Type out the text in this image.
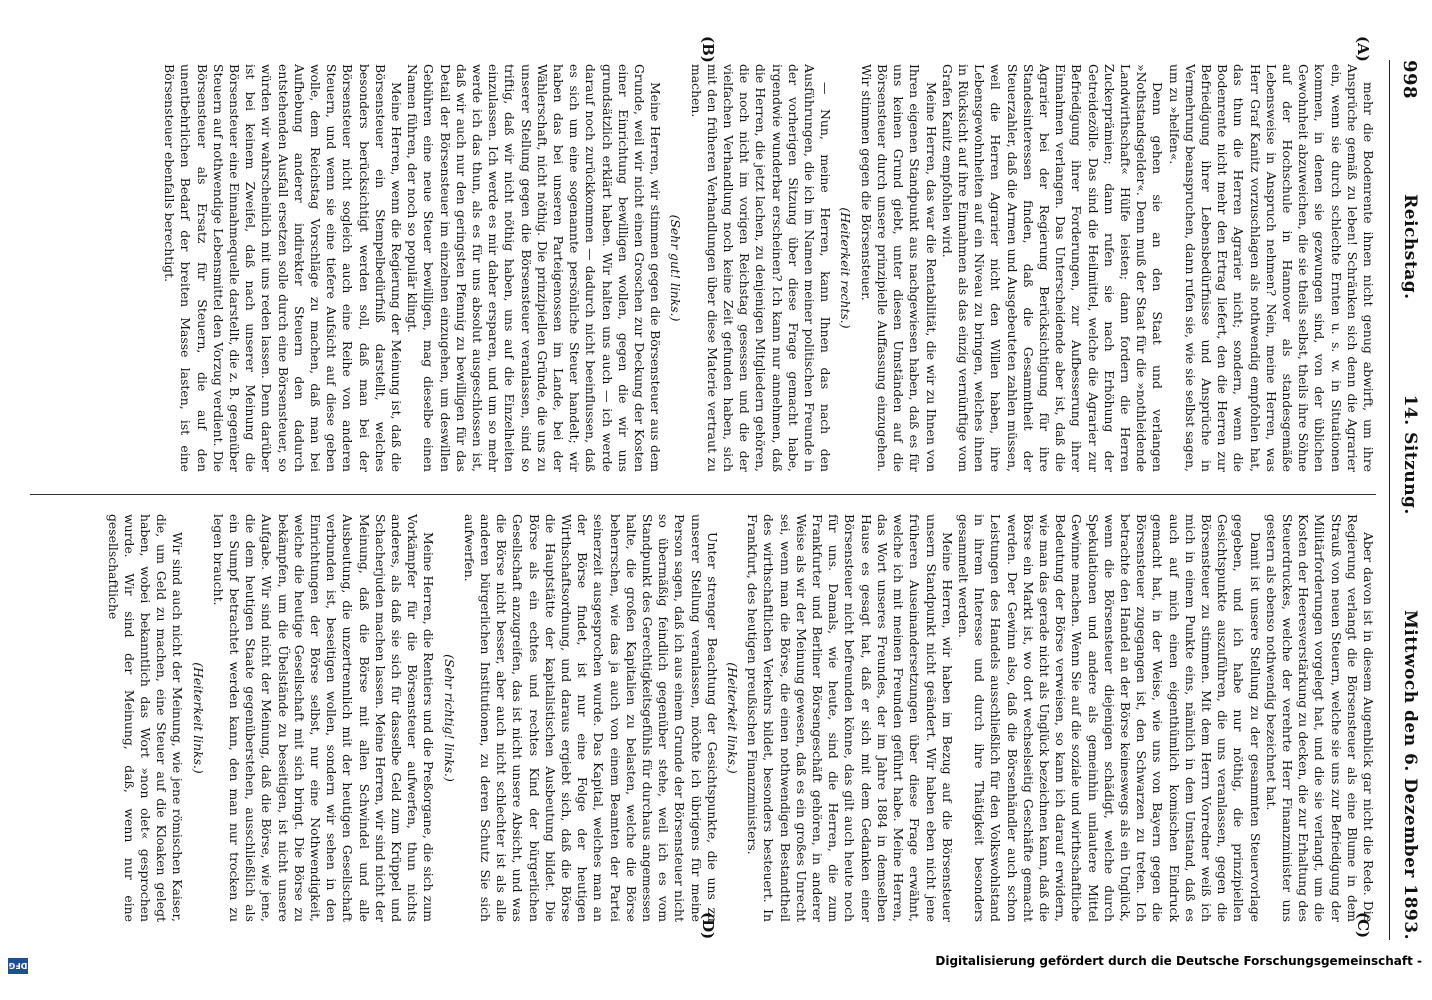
998
Reichstag.
14. Sitzung.
Mittwoch den 6. Dezember 1893.
(A)
(B)
(C)
(D)

mehr die Bodenrente ihnen nicht genug abwirft, um ihre Ansprüche gemäß zu leben! Schränken sich denn die Agrarier ein, wenn sie durch schlechte Ernten u. s. w. in Situationen kommen, in denen sie gezwungen sind, von der üblichen Gewohnheit abzuweichen, die sie theils selbst, theils ihre Söhne auf der Hochschule in Hannover als standesgemäße Lebensweise in Anspruch nehmen? Nein, meine Herren, was Herr Graf Kanitz vorzuschlagen als nothwendig empfohlen hat, das thun die Herren Agrarier nicht; sondern, wenn die Bodenrente nicht mehr den Ertrag liefert, den die Herren zur Befriedigung ihrer Lebensbedürfnisse und Ansprüche in Vermehrung beanspruchen, dann rufen sie, wie sie selbst sagen, um zu »helfen«.

Denn gehen sie an den Staat und verlangen »Nothstandsgelder«. Denn muß der Staat für die »nothleidende Landwirthschaft« Hülfe leisten; dann fordern die Herren Zuckerprämien; dann rufen sie nach Erhöhung der Getreidezölle. Das sind die Heilmittel, welche die Agrarier zur Befriedigung ihrer Forderungen, zur Aufbesserung ihrer Einnahmen verlangen. Das Unterscheidende aber ist, daß die Agrarier bei der Regierung Berücksichtigung für ihre Standesinteressen finden, daß die Gesammtheit der Steuerzahler, daß die Armen und Ausgebeuteten zahlen müssen, weil die Herren Agrarier nicht den Willen haben, ihre Lebensgewohnheiten auf ein Niveau zu bringen, welches ihnen in Rücksicht auf ihre Einnahmen als das einzig vernünftige vom Grafen Kanitz empfohlen wird.

Meine Herren, das war die Rentabilität, die wir zu Ihnen von Ihren eigenen Standpunkt aus nachgewiesen haben, daß es für uns keinen Grund giebt, unter diesen Umständen auf die Börsensteuer durch unsere prinzipielle Auffassung einzugehen. Wir stimmen gegen die Börsensteuer.

(Heiterkeit rechts.)

— Nun, meine Herren, kann Ihnen das nach den Ausführungen, die ich im Namen meiner politischen Freunde in der vorherigen Sitzung über diese Frage gemacht habe, irgendwie wunderbar erscheinen? Ich kann nur annehmen, daß die Herren, die jetzt lachen, zu denjenigen Mitgliedern gehören, die noch nicht im vorigen Reichstag gesessen und die der vielfachen Verhandlung noch keine Zeit gefunden haben, sich mit den früheren Verhandlungen über diese Materie vertraut zu machen.

(Sehr gut! links.)

Meine Herren, wir stimmen gegen die Börsensteuer aus dem Grunde, weil wir nicht einen Groschen zur Deckung der Kosten einer Einrichtung bewilligen wollen, gegen die wir uns grundsätzlich erklärt haben. Wir halten uns auch — ich werde darauf noch zurückkommen — dadurch nicht beeinflussen, daß es sich um eine sogenannte persönliche Steuer handelt; wir haben das bei unseren Parteigenossen im Lande, bei der Wählerschaft, nicht nöthig. Die prinzipiellen Gründe, die uns zu unserer Stellung gegen die Börsensteuer veranlassen, sind so triftig, daß wir nicht nöthig haben, uns auf die Einzelheiten einzulassen. Ich werde es mir daher ersparen, und um so mehr werde ich das thun, als es für uns absolut ausgeschlossen ist, daß wir auch nur den geringsten Pfennig zu bewilligen für das Detail der Börsensteuer im einzelnen einzugehen, um deswillen Gebühren eine neue Steuer bewilligen, mag dieselbe einen Namen führen, der noch so populär klingt.

Meine Herren, wenn die Regierung der Meinung ist, daß die Börsensteuer ein Stempelbedürfniß darstellt, welches besonders berücksichtigt werden soll, daß man bei der Börsensteuer nicht sogleich auch eine Reihe von anderen Steuern, und wenn sie eine tiefere Aufsicht auf diese geben wolle, dem Reichstag Vorschläge zu machen, daß man bei Aufhebung anderer indirekter Steuern den dadurch entstehenden Ausfall ersetzen solle durch eine Börsensteuer, so würden wir wahrscheinlich mit uns reden lassen. Denn darüber ist bei keinem Zweifel, daß nach unserer Meinung die Börsensteuer eine Einnahmequelle darstellt, die z. B. gegenüber Steuern auf nothwendige Lebensmittel den Vorzug verdient. Die Börsensteuer als Ersatz für Steuern, die auf den unentbehrlichen Bedarf der breiten Masse lasten, ist eine Börsensteuer ebenfalls berechtigt.

Aber davon ist in diesem Augenblick gar nicht die Rede. Die Regierung verlangt die Börsensteuer als eine Blume in dem Strauß von neuen Steuern, welche sie uns zur Befriedigung der Militärforderungen vorgelegt hat, und die sie verlangt, um die Kosten der Heeresverstärkung zu decken, die zur Erhaltung des Steuerdruckes, welche der verehrte Herr Finanzminister uns gestern als ebenso nothwendig bezeichnet hat.

Damit ist unsere Stellung zu der gesammten Steuervorlage gegeben, und ich habe nur nöthig, die prinzipiellen Gesichtspunkte auszuführen, die uns veranlassen, gegen die Börsensteuer zu stimmen. Mit dem Herrn Vorredner weiß ich mich in einem Punkte eins, nämlich in dem Umstand, daß es auch auf mich einen eigenthümlich komischen Eindruck gemacht hat, in der Weise, wie uns von Bayern gegen die Börsensteuer zugegangen ist, den Schwarzen zu treten. Ich betrachte den Handel an der Börse keineswegs als ein Unglück, wenn die Börsensteuer diejenigen schädigt, welche durch Spekulationen und andere als gemeinhin unlautere Mittel Gewinne machen. Wenn Sie auf die soziale und wirthschaftliche Bedeutung der Börse verweisen, so kann ich darauf erwidern, wie man das gerade nicht als Unglück bezeichnen kann, daß die Börse ein Markt ist, wo dort wechselseitig Geschäfte gemacht werden. Der Gewinn also, daß die Börsenhändler auch schon Leistungen des Handels ausschließlich für den Volkswohlstand in ihrem Interesse und durch ihre Thätigkeit besonders gesammelt werden.

Meine Herren, wir haben im Bezug auf die Börsensteuer unsern Standpunkt nicht geändert. Wir haben eben nicht jene früheren Auseinandersetzungen über diese Frage erwähnt, welche ich mit meinen Freunden geführt habe. Meine Herren, das Wort unseres Freundes, der im Jahre 1884 in demselben Hause es gesagt hat, daß er sich mit dem Gedanken einer Börsensteuer nicht befreunden könne, das gilt auch heute noch für uns. Damals, wie heute, sind die Herren, die zum Frankfurter und Berliner Börsengeschäft gehören, in anderer Weise als wir der Meinung gewesen, daß es ein großes Unrecht sei, wenn man die Börse, die einen nothwendigen Bestandtheil des wirthschaftlichen Verkehrs bildet, besonders besteuert. In Frankfurt, des heutigen preußischen Finanzministers.

(Heiterkeit links.)

Unter strenger Beachtung der Gesichtspunkte, die uns zu unserer Stellung veranlassen, möchte ich übrigens für meine Person sagen, daß ich aus einem Grunde der Börsensteuer nicht so übermäßig feindlich gegenüber stehe, weil ich es vom Standpunkt des Gerechtigkeitsgefühls für durchaus angemessen halte, die großen Kapitalien zu belasten, welche die Börse beherrschen, wie das ja auch von einem Beamten der Partei seinerzeit ausgesprochen wurde. Das Kapital, welches man an der Börse findet, ist nur eine Folge der heutigen Wirthschaftsordnung, und daraus ergiebt sich, daß die Börse die Hauptstätte der kapitalistischen Ausbeutung bildet. Die Börse als ein echtes und rechtes Kind der bürgerlichen Gesellschaft anzugreifen, das ist nicht unsere Absicht, und was die Börse nicht besser, aber auch nicht schlechter ist als alle anderen bürgerlichen Institutionen, zu deren Schutz Sie sich aufwerfen.

(Sehr richtig! links.)

Meine Herren, die Rentiers und die Preßorgane, die sich zum Vorkämpfer für die Börsensteuer aufwerfen, thun nichts anderes, als daß sie sich für dasselbe Geld zum Krüppel und Schacherjuden machen lassen. Meine Herren, wir sind nicht der Meinung, daß die Börse mit allen Schwindel und alle Ausbeutung, die unzertrennlich mit der heutigen Gesellschaft verbunden ist, beseitigen wollen, sondern wir sehen in den Einrichtungen der Börse selbst, nur eine Nothwendigkeit, welche die heutige Gesellschaft mit sich bringt. Die Börse zu bekämpfen, um die Übelstände zu beseitigen, ist nicht unsere Aufgabe. Wir sind nicht der Meinung, daß die Börse, wie jene, die dem heutigen Staate gegenüberstehen, ausschließlich als ein Sumpf betrachtet werden kann, den man nur trocken zu legen braucht.

(Heiterkeit links.)

Wir sind auch nicht der Meinung, wie jene römischen Kaiser, die, um Geld zu machen, eine Steuer auf die Kloaken gelegt haben, wobei bekanntlich das Wort »non olet« gesprochen wurde. Wir sind der Meinung, daß, wenn nur eine gesellschaftliche

Digitalisierung gefördert durch die Deutsche Forschungsgemeinschaft -
DFG
